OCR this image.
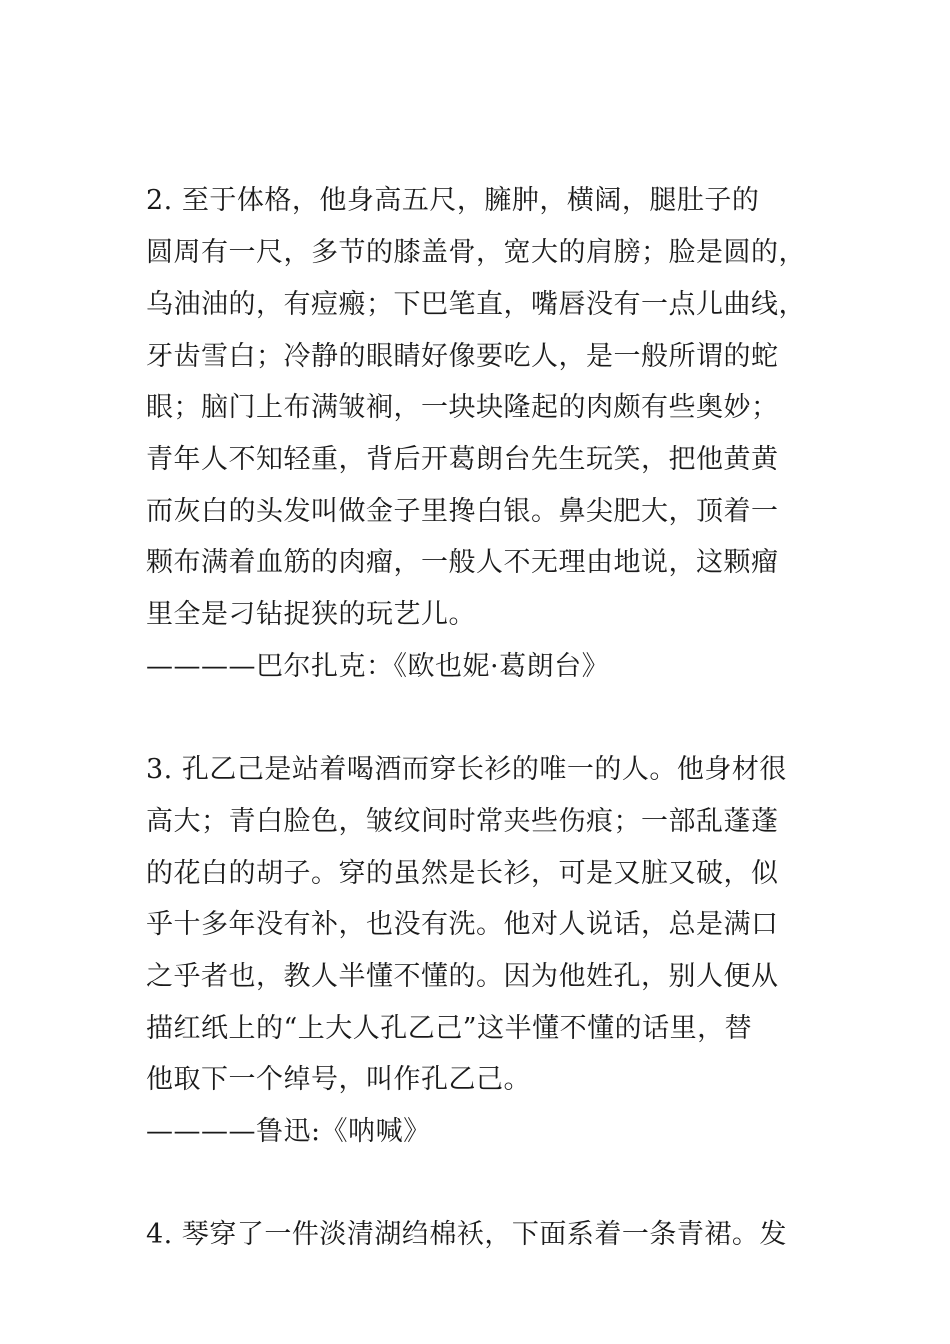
2. 至于体格，他身高五尺，臃肿，横阔，腿肚子的
圆周有一尺，多节的膝盖骨，宽大的肩膀；脸是圆的，
乌油油的，有痘瘢；下巴笔直，嘴唇没有一点儿曲线，
牙齿雪白；冷静的眼睛好像要吃人，是一般所谓的蛇
眼；脑门上布满皱裥，一块块隆起的肉颇有些奥妙；
青年人不知轻重，背后开葛朗台先生玩笑，把他黄黄
而灰白的头发叫做金子里搀白银。鼻尖肥大，顶着一
颗布满着血筋的肉瘤，一般人不无理由地说，这颗瘤
里全是刁钻捉狭的玩艺儿。
————巴尔扎克：《欧也妮·葛朗台》
3. 孔乙己是站着喝酒而穿长衫的唯一的人。他身材很
高大；青白脸色，皱纹间时常夹些伤痕；一部乱蓬蓬
的花白的胡子。穿的虽然是长衫，可是又脏又破，似
乎十多年没有补，也没有洗。他对人说话，总是满口
之乎者也，教人半懂不懂的。因为他姓孔，别人便从
描红纸上的“上大人孔乙己”这半懂不懂的话里，替
他取下一个绰号，叫作孔乙己。
————鲁迅:《呐喊》
4. 琴穿了一件淡清湖绉棉袄，下面系着一条青裙。发
